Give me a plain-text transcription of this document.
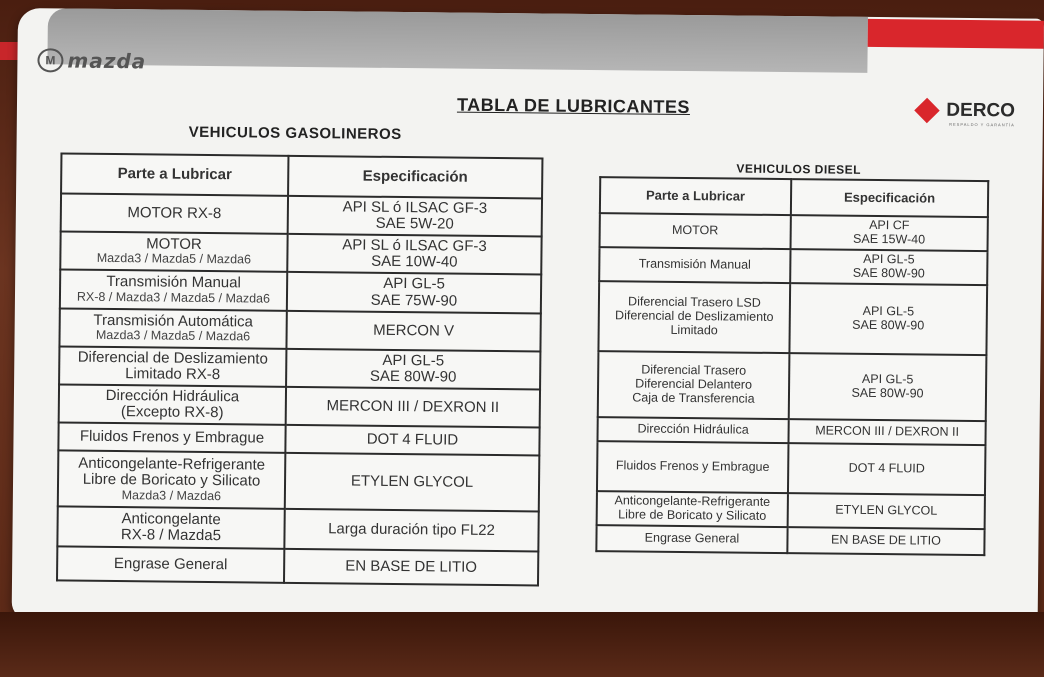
M mazda
DERCO
RESPALDO Y GARANTÍA
TABLA DE LUBRICANTES
VEHICULOS GASOLINEROS
VEHICULOS DIESEL
Parte a Lubricar	Especificación

MOTOR RX-8	API SL ó ILSAC GF-3
SAE 5W-20

MOTOR
Mazda3 / Mazda5 / Mazda6	API SL ó ILSAC GF-3
SAE 10W-40

Transmisión Manual
RX-8 / Mazda3 / Mazda5 / Mazda6	API GL-5
SAE 75W-90

Transmisión Automática
Mazda3 / Mazda5 / Mazda6	MERCON V

Diferencial de Deslizamiento
Limitado RX-8	API GL-5
SAE 80W-90

Dirección Hidráulica
(Excepto RX-8)	MERCON III / DEXRON II

Fluidos Frenos y Embrague	DOT 4 FLUID

Anticongelante-Refrigerante
Libre de Boricato y Silicato
Mazda3 / Mazda6	ETYLEN GLYCOL

Anticongelante
RX-8 / Mazda5	Larga duración tipo FL22

Engrase General	EN BASE DE LITIO
Parte a Lubricar	Especificación

MOTOR	API CF
SAE 15W-40

Transmisión Manual	API GL-5
SAE 80W-90

Diferencial Trasero LSD
Diferencial de Deslizamiento
Limitado	API GL-5
SAE 80W-90

Diferencial Trasero
Diferencial Delantero
Caja de Transferencia	API GL-5
SAE 80W-90

Dirección Hidráulica	MERCON III / DEXRON II

Fluidos Frenos y Embrague	DOT 4 FLUID

Anticongelante-Refrigerante
Libre de Boricato y Silicato	ETYLEN GLYCOL

Engrase General	EN BASE DE LITIO
